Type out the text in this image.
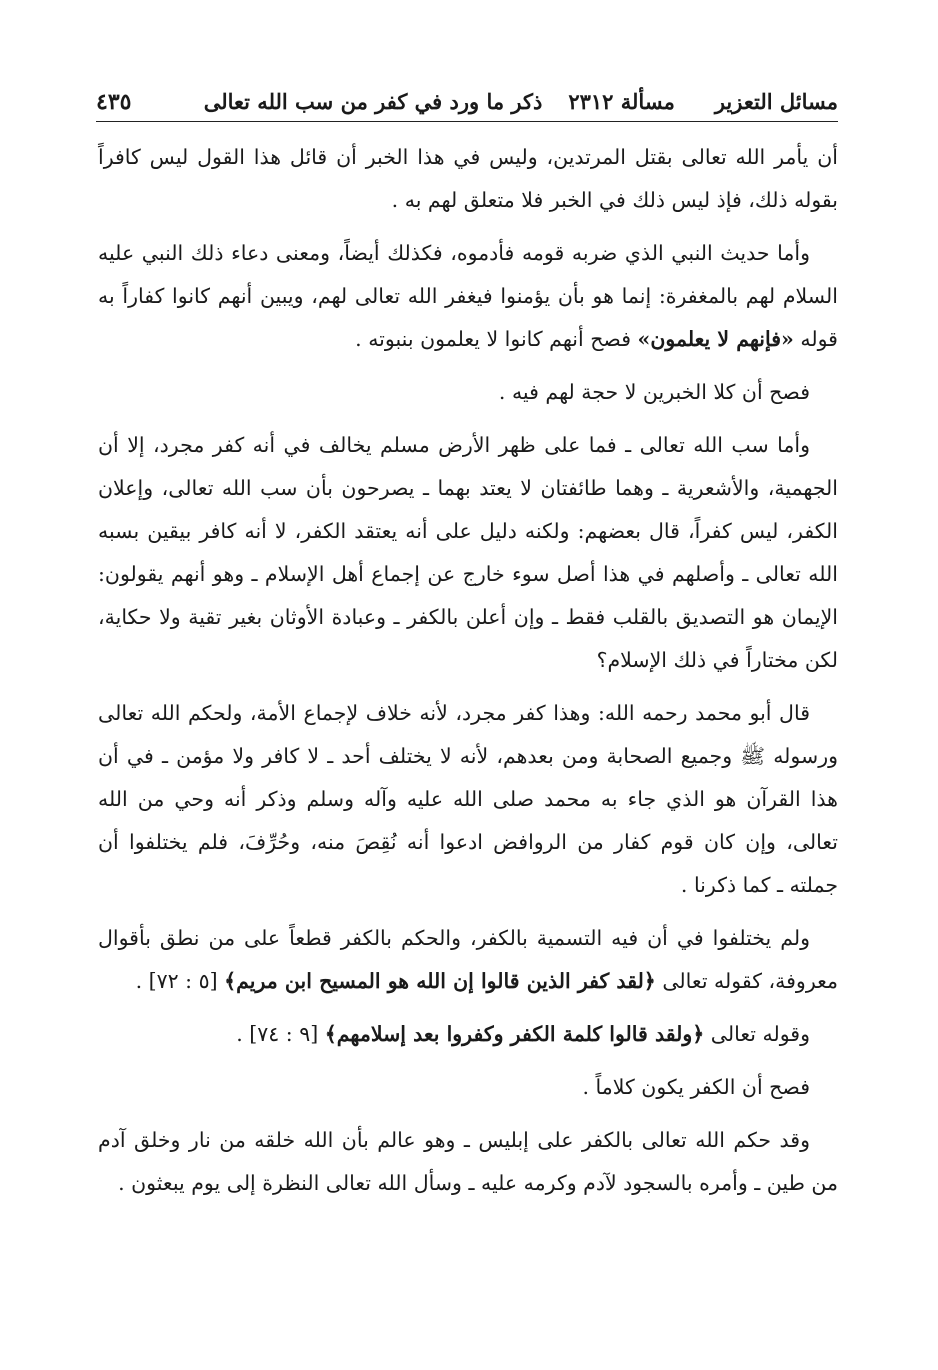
مسائل التعزير
مسألة ٢٣١٢
ذكر ما ورد في كفر من سب الله تعالى
٤٣٥

أن يأمر الله تعالى بقتل المرتدين، وليس في هذا الخبر أن قائل هذا القول ليس كافراً بقوله ذلك، فإذ ليس ذلك في الخبر فلا متعلق لهم به .

وأما حديث النبي الذي ضربه قومه فأدموه، فكذلك أيضاً، ومعنى دعاء ذلك النبي عليه السلام لهم بالمغفرة: إنما هو بأن يؤمنوا فيغفر الله تعالى لهم، ويبين أنهم كانوا كفاراً به قوله «فإنهم لا يعلمون» فصح أنهم كانوا لا يعلمون بنبوته .

فصح أن كلا الخبرين لا حجة لهم فيه .

وأما سب الله تعالى ـ فما على ظهر الأرض مسلم يخالف في أنه كفر مجرد، إلا أن الجهمية، والأشعرية ـ وهما طائفتان لا يعتد بهما ـ يصرحون بأن سب الله تعالى، وإعلان الكفر، ليس كفراً، قال بعضهم: ولكنه دليل على أنه يعتقد الكفر، لا أنه كافر بيقين بسبه الله تعالى ـ وأصلهم في هذا أصل سوء خارج عن إجماع أهل الإسلام ـ وهو أنهم يقولون: الإيمان هو التصديق بالقلب فقط ـ وإن أعلن بالكفر ـ وعبادة الأوثان بغير تقية ولا حكاية، لكن مختاراً في ذلك الإسلام؟

قال أبو محمد رحمه الله: وهذا كفر مجرد، لأنه خلاف لإجماع الأمة، ولحكم الله تعالى ورسوله ﷺ وجميع الصحابة ومن بعدهم، لأنه لا يختلف أحد ـ لا كافر ولا مؤمن ـ في أن هذا القرآن هو الذي جاء به محمد صلى الله عليه وآله وسلم وذكر أنه وحي من الله تعالى، وإن كان قوم كفار من الروافض ادعوا أنه نُقِصَ منه، وحُرِّفَ، فلم يختلفوا أن جملته ـ كما ذكرنا .

ولم يختلفوا في أن فيه التسمية بالكفر، والحكم بالكفر قطعاً على من نطق بأقوال معروفة، كقوله تعالى ﴿لقد كفر الذين قالوا إن الله هو المسيح ابن مريم﴾ [٥ : ٧٢] .

وقوله تعالى ﴿ولقد قالوا كلمة الكفر وكفروا بعد إسلامهم﴾ [٩ : ٧٤] .

فصح أن الكفر يكون كلاماً .

وقد حكم الله تعالى بالكفر على إبليس ـ وهو عالم بأن الله خلقه من نار وخلق آدم من طين ـ وأمره بالسجود لآدم وكرمه عليه ـ وسأل الله تعالى النظرة إلى يوم يبعثون .
